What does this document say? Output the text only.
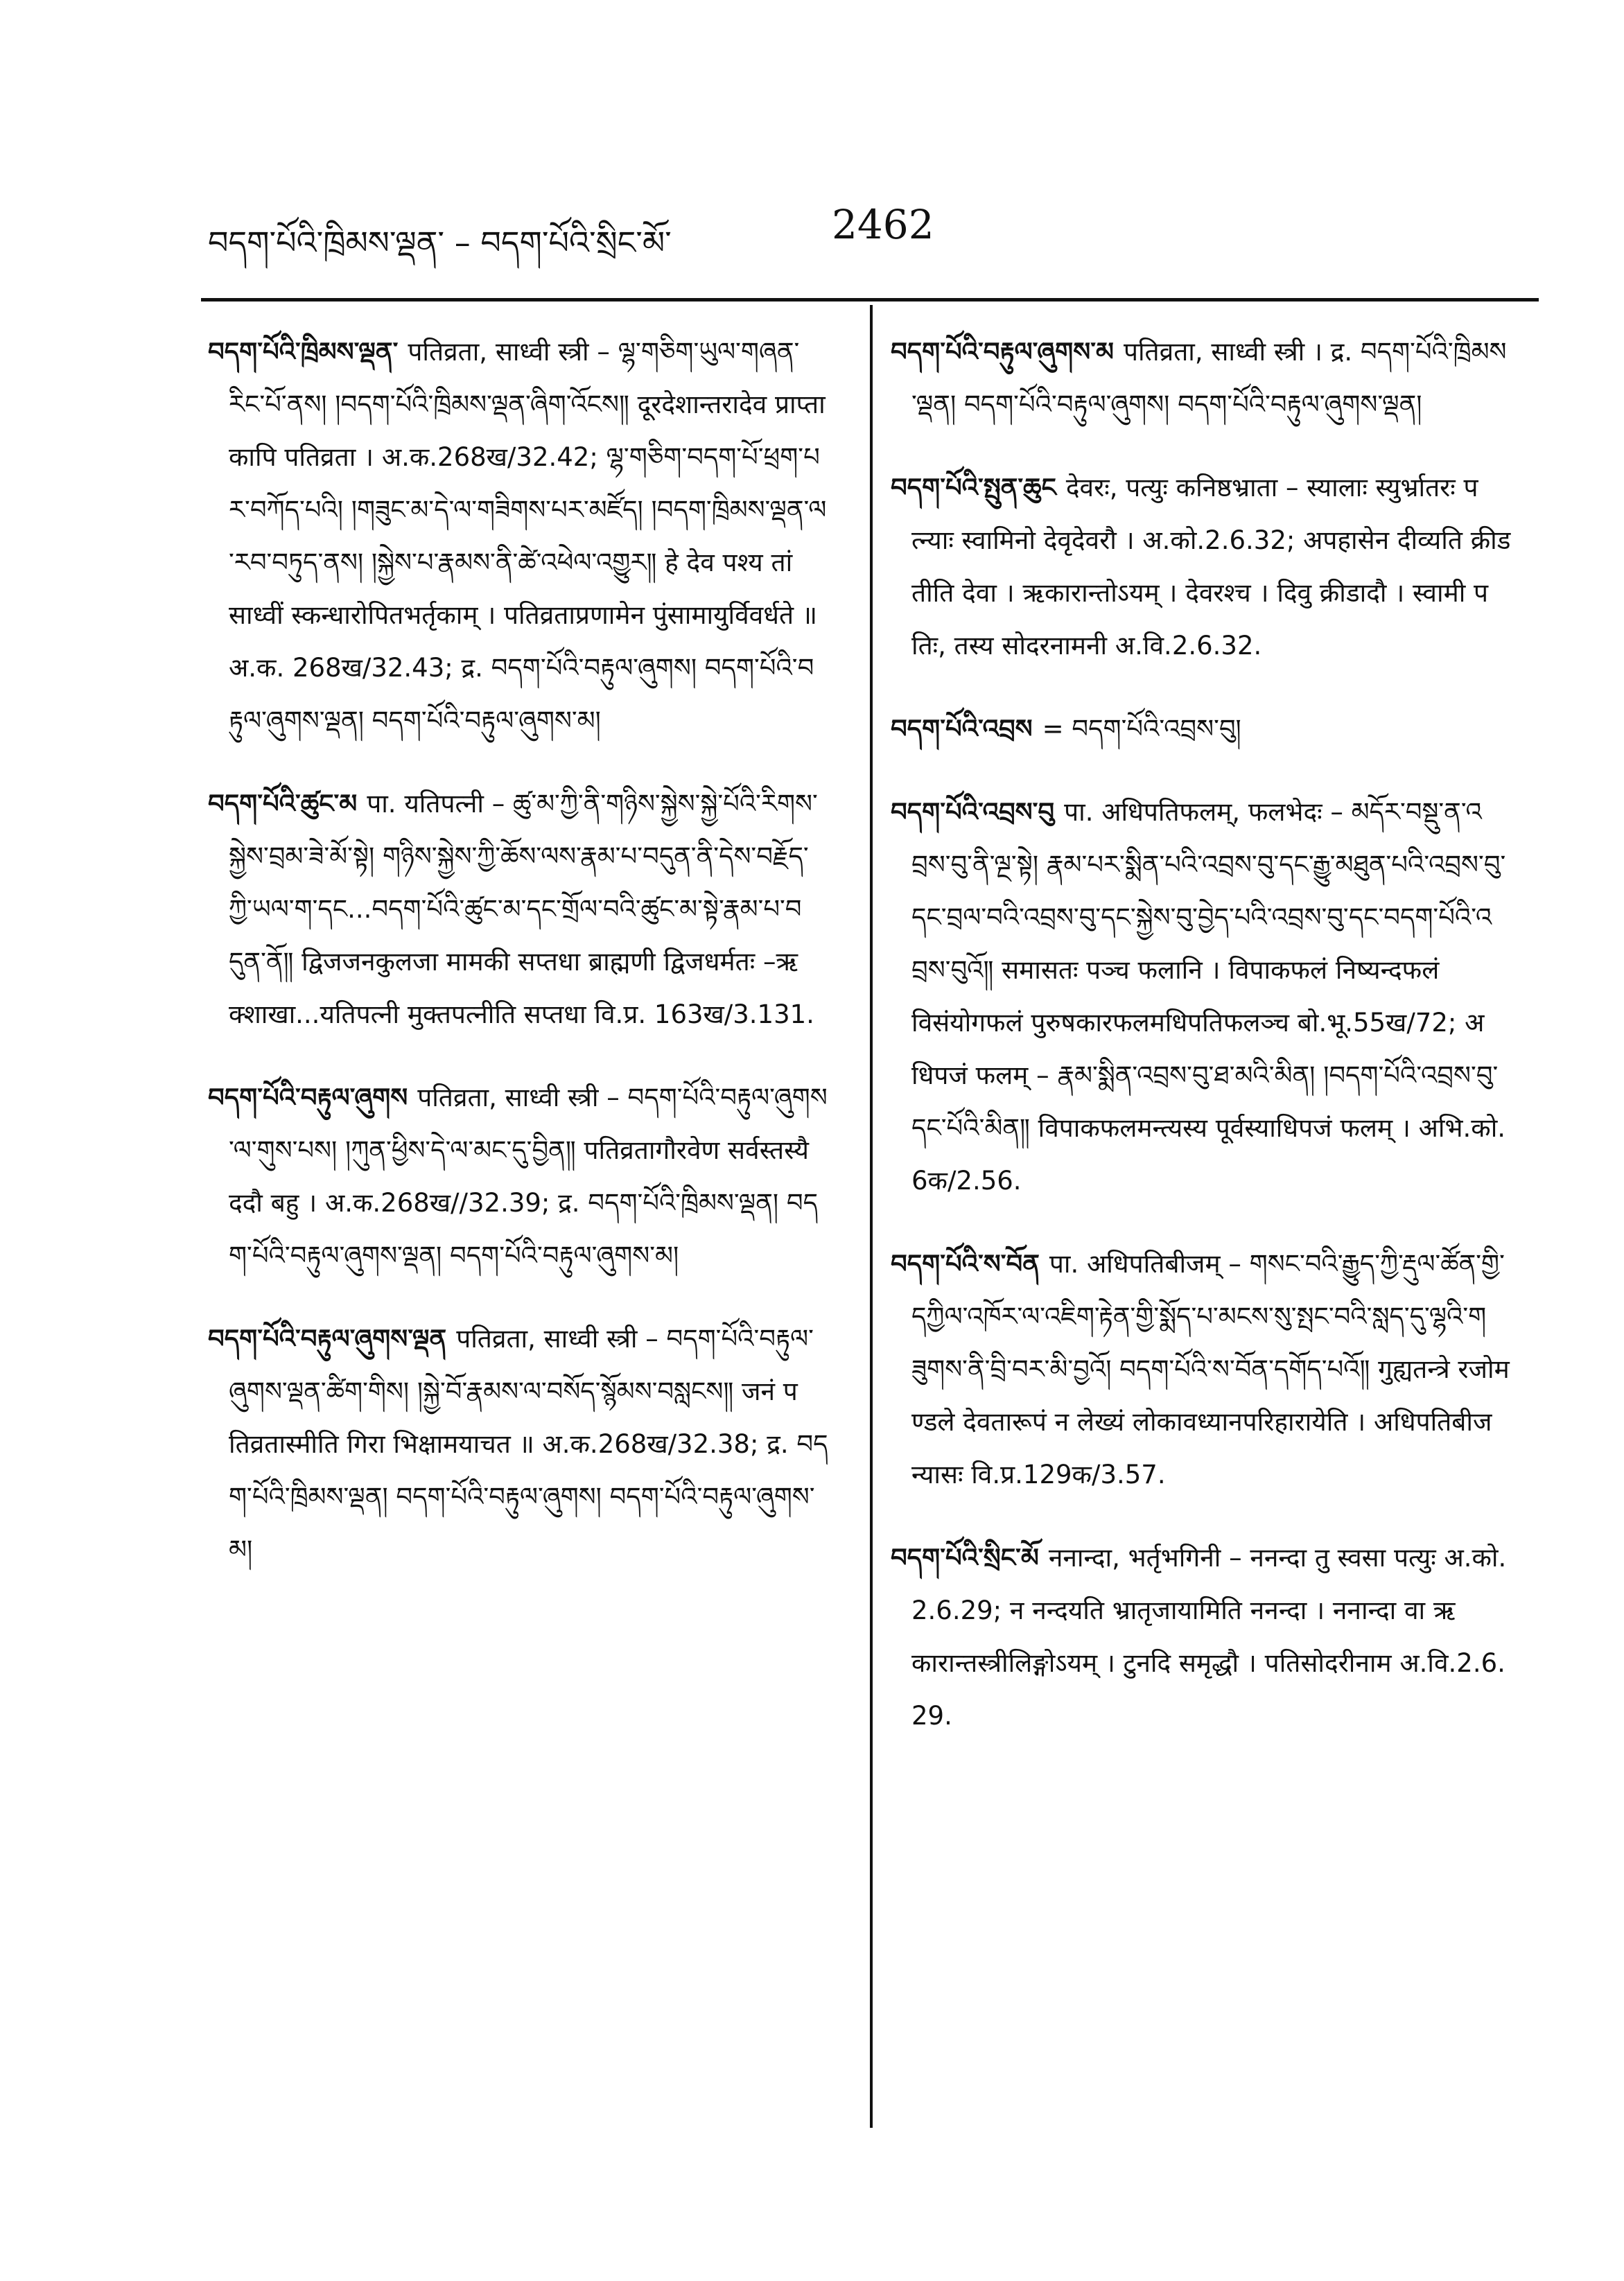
བདག་པོའི་ཁྲིམས་ལྡན་ – བདག་པོའི་སྲིང་མོ་	2462
བདག་པོའི་ཁྲིམས་ལྡན་ पतिव्रता, साध्वी स्त्री – ལྷ་གཅིག་ཡུལ་གཞན་རིང་པོ་ནས། །བདག་པོའི་ཁྲིམས་ལྡན་ཞིག་འོངས༎ दूरदेशान्तरादेव प्राप्ता कापि पतिव्रता । अ.क.268ख/32.42; ལྷ་གཅིག་བདག་པོ་ཕྲག་པར་བཀོད་པའི། །གཟུང་མ་དེ་ལ་གཟིགས་པར་མཛོད། །བདག་ཁྲིམས་ལྡན་ལ་རབ་བཏུད་ནས། །སྐྱེས་པ་རྣམས་ནི་ཚེ་འཕེལ་འགྱུར༎ हे देव पश्य तां साध्वीं स्कन्धारोपितभर्तृकाम् । पतिव्रताप्रणामेन पुंसामायुर्विवर्धते ॥ अ.क. 268ख/32.43; द्र. བདག་པོའི་བརྟུལ་ཞུགས། བདག་པོའི་བརྟུལ་ཞུགས་ལྡན། བདག་པོའི་བརྟུལ་ཞུགས་མ།
བདག་པོའི་ཚུང་མ पा. यतिपत्नी – ཚུ་མ་ཀྱི་ནི་གཉིས་སྐྱེས་སྐྱེ་པོའི་རིགས་སྐྱེས་བྲམ་ཟེ་མོ་སྟེ། གཉིས་སྐྱེས་ཀྱི་ཆོས་ལས་རྣམ་པ་བདུན་ནི་དེས་བརྗོད་ཀྱི་ཡལ་ག་དང...བདག་པོའི་ཚུང་མ་དང་གྲོལ་བའི་ཚུང་མ་སྟེ་རྣམ་པ་བདུན་ནོ༎ द्विजजनकुलजा मामकी सप्तधा ब्राह्मणी द्विजधर्मतः –ऋक्शाखा...यतिपत्नी मुक्तपत्नीति सप्तधा वि.प्र. 163ख/3.131.
བདག་པོའི་བརྟུལ་ཞུགས पतिव्रता, साध्वी स्त्री – བདག་པོའི་བརྟུལ་ཞུགས་ལ་གུས་པས། །ཀུན་ཕྱིས་དེ་ལ་མང་དུ་བྱིན༎ पतिव्रतागौरवेण सर्वस्तस्यै ददौ बहु । अ.क.268ख//32.39; द्र. བདག་པོའི་ཁྲིམས་ལྡན། བདག་པོའི་བརྟུལ་ཞུགས་ལྡན། བདག་པོའི་བརྟུལ་ཞུགས་མ།
བདག་པོའི་བརྟུལ་ཞུགས་ལྡན पतिव्रता, साध्वी स्त्री – བདག་པོའི་བརྟུལ་ཞུགས་ལྡན་ཚིག་གིས། །སྐྱེ་བོ་རྣམས་ལ་བསོད་སྙོམས་བསླངས༎ जनं पतिव्रतास्मीति गिरा भिक्षामयाचत ॥ अ.क.268ख/32.38; द्र. བདག་པོའི་ཁྲིམས་ལྡན། བདག་པོའི་བརྟུལ་ཞུགས། བདག་པོའི་བརྟུལ་ཞུགས་མ།
བདག་པོའི་བརྟུལ་ཞུགས་མ पतिव्रता, साध्वी स्त्री । द्र. བདག་པོའི་ཁྲིམས་ལྡན། བདག་པོའི་བརྟུལ་ཞུགས། བདག་པོའི་བརྟུལ་ཞུགས་ལྡན།
བདག་པོའི་སྤུན་ཆུང देवरः, पत्युः कनिष्ठभ्राता – स्यालाः स्युर्भ्रातरः पत्न्याः स्वामिनो देवृदेवरौ । अ.को.2.6.32; अपहासेन दीव्यति क्रीडतीति देवा । ऋकारान्तोऽयम् । देवरश्च । दिवु क्रीडादौ । स्वामी पतिः, तस्य सोदरनामनी अ.वि.2.6.32.
བདག་པོའི་འབྲས = བདག་པོའི་འབྲས་བུ།
བདག་པོའི་འབྲས་བུ पा. अधिपतिफलम्, फलभेदः – མདོར་བསྡུ་ན་འབྲས་བུ་ནི་ལྔ་སྟེ། རྣམ་པར་སྨིན་པའི་འབྲས་བུ་དང་རྒྱུ་མཐུན་པའི་འབྲས་བུ་དང་བྲལ་བའི་འབྲས་བུ་དང་སྐྱེས་བུ་བྱེད་པའི་འབྲས་བུ་དང་བདག་པོའི་འབྲས་བུའོ༎ समासतः पञ्च फलानि । विपाकफलं निष्यन्दफलं विसंयोगफलं पुरुषकारफलमधिपतिफलञ्च बो.भू.55ख/72; अधिपजं फलम् – རྣམ་སྨིན་འབྲས་བུ་ཐ་མའི་མིན། །བདག་པོའི་འབྲས་བུ་དང་པོའི་མིན༎ विपाकफलमन्त्यस्य पूर्वस्याधिपजं फलम् । अभि.को. 6क/2.56.
བདག་པོའི་ས་བོན पा. अधिपतिबीजम् – གསང་བའི་རྒྱུད་ཀྱི་རྡུལ་ཚོན་གྱི་དཀྱིལ་འཁོར་ལ་འཇིག་རྟེན་གྱི་སྨོད་པ་མངས་སུ་སྤང་བའི་སླད་དུ་ལྷའི་གཟུགས་ནི་བྲི་བར་མི་བྱའོ། བདག་པོའི་ས་བོན་དགོད་པའོ༎ गुह्यतन्त्रे रजोमण्डले देवतारूपं न लेख्यं लोकावध्यानपरिहारायेति । अधिपतिबीजन्यासः वि.प्र.129क/3.57.
བདག་པོའི་སྲིང་མོ ननान्दा, भर्तृभगिनी – ननन्दा तु स्वसा पत्युः अ.को.2.6.29; न नन्दयति भ्रातृजायामिति ननन्दा । ननान्दा वा ऋकारान्तस्त्रीलिङ्गोऽयम् । टुनदि समृद्धौ । पतिसोदरीनाम अ.वि.2.6.29.
